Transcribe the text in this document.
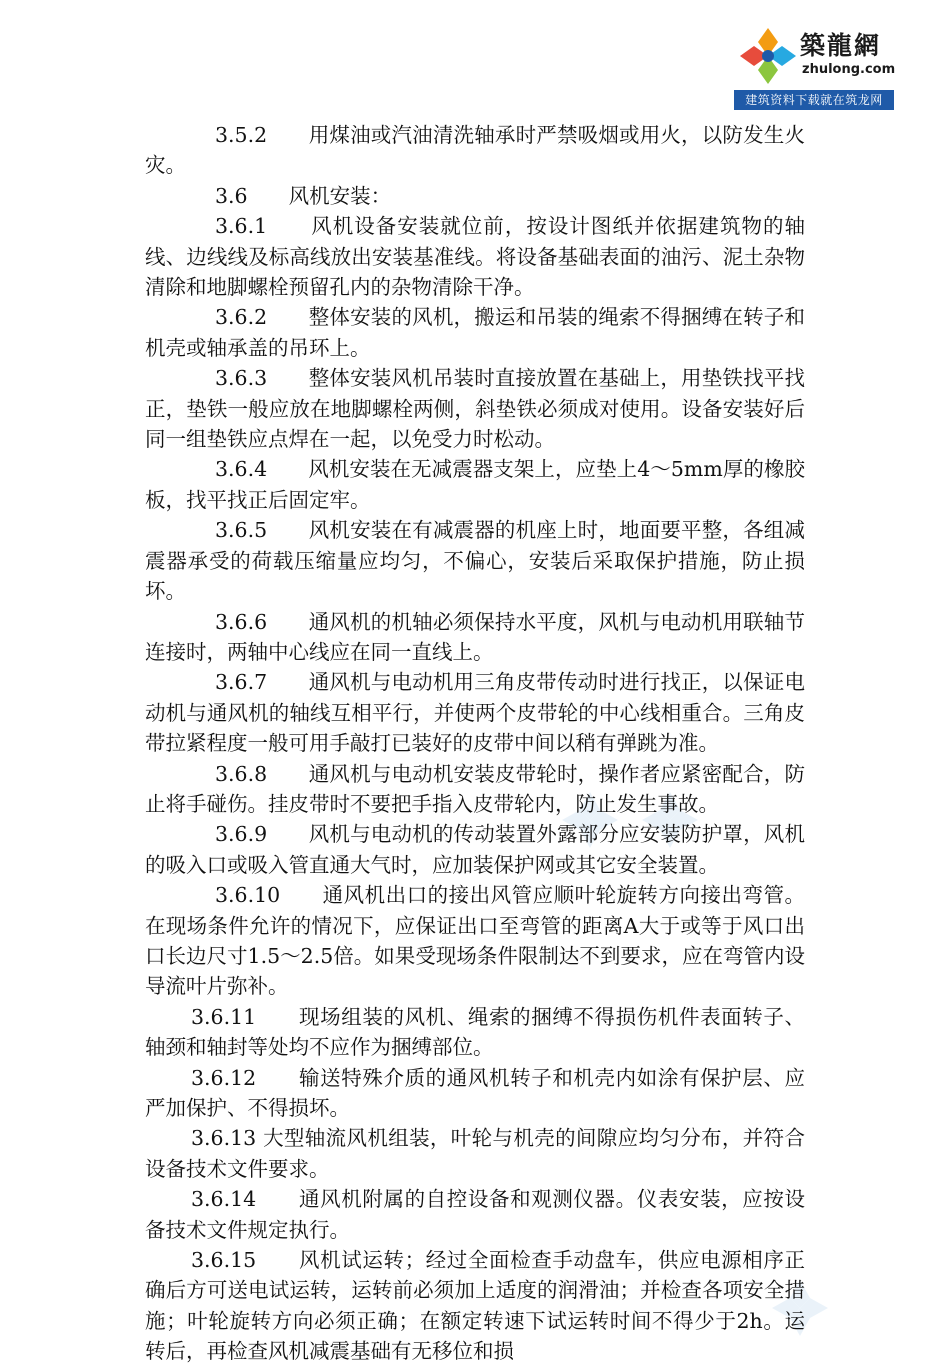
築龍網
zhulong.com
建筑资料下载就在筑龙网

3.5.2　　用煤油或汽油清洗轴承时严禁吸烟或用火，以防发生火灾。

3.6　　风机安装：

3.6.1　　风机设备安装就位前，按设计图纸并依据建筑物的轴线、边线线及标高线放出安装基准线。将设备基础表面的油污、泥土杂物清除和地脚螺栓预留孔内的杂物清除干净。

3.6.2　　整体安装的风机，搬运和吊装的绳索不得捆缚在转子和机壳或轴承盖的吊环上。

3.6.3　　整体安装风机吊装时直接放置在基础上，用垫铁找平找正，垫铁一般应放在地脚螺栓两侧，斜垫铁必须成对使用。设备安装好后同一组垫铁应点焊在一起，以免受力时松动。

3.6.4　　风机安装在无减震器支架上，应垫上4～5mm厚的橡胶板，找平找正后固定牢。

3.6.5　　风机安装在有减震器的机座上时，地面要平整，各组减震器承受的荷载压缩量应均匀，不偏心，安装后采取保护措施，防止损坏。

3.6.6　　通风机的机轴必须保持水平度，风机与电动机用联轴节连接时，两轴中心线应在同一直线上。

3.6.7　　通风机与电动机用三角皮带传动时进行找正，以保证电动机与通风机的轴线互相平行，并使两个皮带轮的中心线相重合。三角皮带拉紧程度一般可用手敲打已装好的皮带中间以稍有弹跳为准。

3.6.8　　通风机与电动机安装皮带轮时，操作者应紧密配合，防止将手碰伤。挂皮带时不要把手指入皮带轮内，防止发生事故。

3.6.9　　风机与电动机的传动装置外露部分应安装防护罩，风机的吸入口或吸入管直通大气时，应加装保护网或其它安全装置。

3.6.10　　通风机出口的接出风管应顺叶轮旋转方向接出弯管。在现场条件允许的情况下，应保证出口至弯管的距离A大于或等于风口出口长边尺寸1.5～2.5倍。如果受现场条件限制达不到要求，应在弯管内设导流叶片弥补。

3.6.11　　现场组装的风机、绳索的捆缚不得损伤机件表面转子、轴颈和轴封等处均不应作为捆缚部位。

3.6.12　　输送特殊介质的通风机转子和机壳内如涂有保护层、应严加保护、不得损坏。

3.6.13 大型轴流风机组装，叶轮与机壳的间隙应均匀分布，并符合设备技术文件要求。

3.6.14　　通风机附属的自控设备和观测仪器。仪表安装，应按设备技术文件规定执行。

3.6.15　　风机试运转；经过全面检查手动盘车，供应电源相序正确后方可送电试运转，运转前必须加上适度的润滑油；并检查各项安全措施；叶轮旋转方向必须正确；在额定转速下试运转时间不得少于2h。运转后，再检查风机减震基础有无移位和损
